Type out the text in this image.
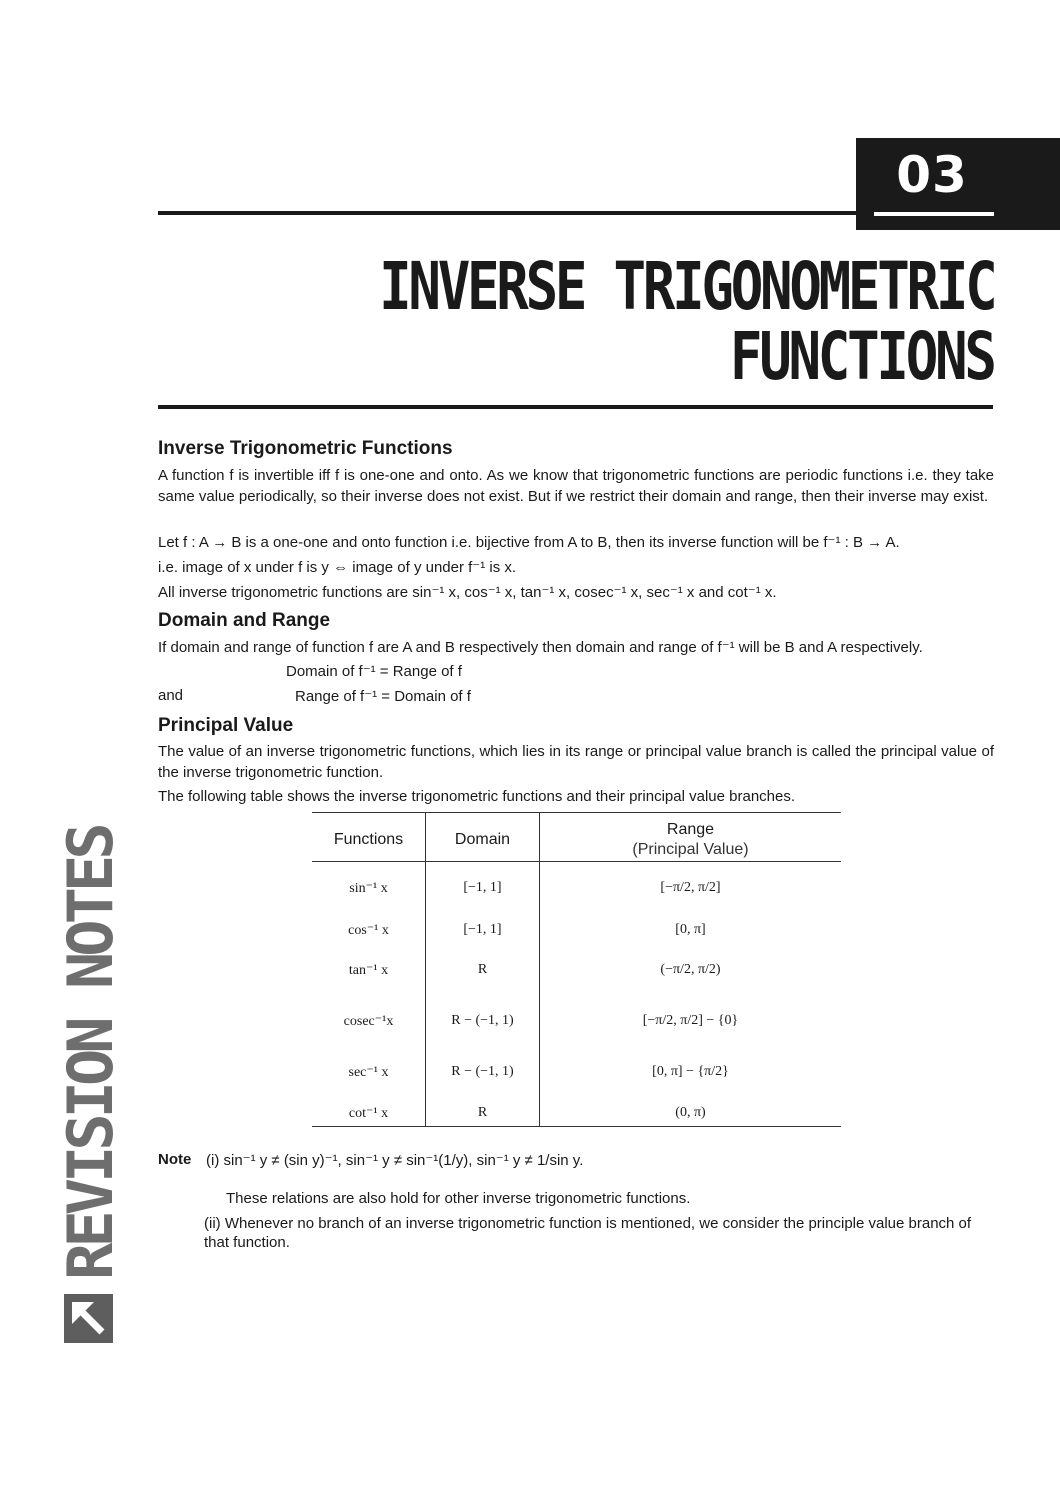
03
INVERSE TRIGONOMETRIC
FUNCTIONS
Inverse Trigonometric Functions
A function f is invertible iff f is one-one and onto. As we know that trigonometric functions are periodic functions i.e. they take same value periodically, so their inverse does not exist. But if we restrict their domain and range, then their inverse may exist.
Let f : A → B is a one-one and onto function i.e. bijective from A to B, then its inverse function will be f⁻¹ : B → A.
i.e. image of x under f is y ⇔ image of y under f⁻¹ is x.
All inverse trigonometric functions are sin⁻¹ x, cos⁻¹ x, tan⁻¹ x, cosec⁻¹ x, sec⁻¹ x and cot⁻¹ x.
Domain and Range
If domain and range of function f are A and B respectively then domain and range of f⁻¹ will be B and A respectively.
Domain of f⁻¹ = Range of f
and	Range of f⁻¹ = Domain of f
Principal Value
The value of an inverse trigonometric functions, which lies in its range or principal value branch is called the principal value of the inverse trigonometric function.
The following table shows the inverse trigonometric functions and their principal value branches.
Functions	Domain
Range
(Principal Value)
sin⁻¹ x	[−1, 1]	[−π/2, π/2]
cos⁻¹ x	[−1, 1]	[0, π]
tan⁻¹ x	R	(−π/2, π/2)
cosec⁻¹x	R − (−1, 1)	[−π/2, π/2] − {0}
sec⁻¹ x	R − (−1, 1)	[0, π] − {π/2}
cot⁻¹ x	R	(0, π)
Note (i) sin⁻¹ y ≠ (sin y)⁻¹, sin⁻¹ y ≠ sin⁻¹(1/y), sin⁻¹ y ≠ 1/sin y.
These relations are also hold for other inverse trigonometric functions.
(ii) Whenever no branch of an inverse trigonometric function is mentioned, we consider the principle value branch of that function.
REVISION NOTES
